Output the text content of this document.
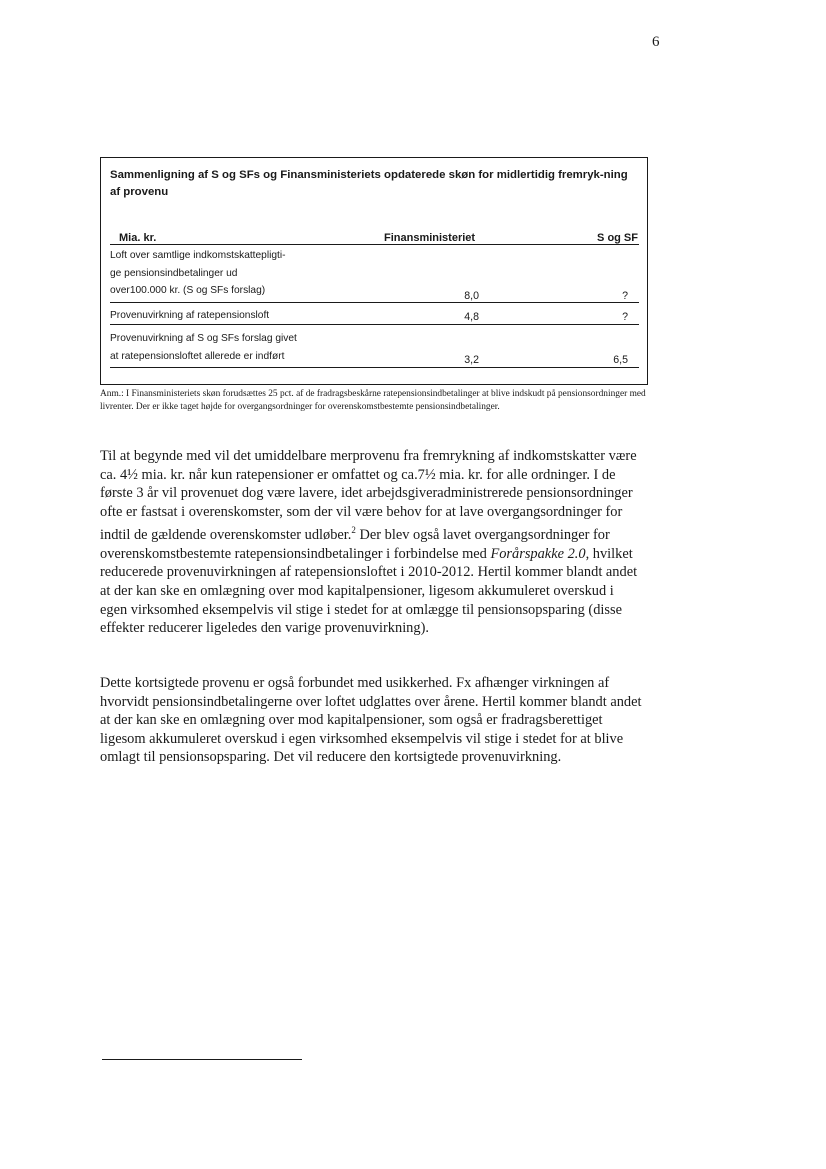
6
Sammenligning af S og SFs og Finansministeriets opdaterede skøn for midlertidig fremryk-ning af provenu
Mia. kr.	Finansministeriet	S og SF
Loft over samtlige indkomstskattepligti-
ge pensionsindbetalinger ud
over100.000 kr. (S og SFs forslag)	8,0	?
Provenuvirkning af ratepensionsloft	4,8	?
Provenuvirkning af S og SFs forslag givet
at ratepensionsloftet allerede er indført	3,2	6,5
Anm.: I Finansministeriets skøn forudsættes 25 pct. af de fradragsbeskårne ratepensionsindbetalinger at blive indskudt på pensionsordninger med livrenter. Der er ikke taget højde for overgangsordninger for overenskomstbestemte pensionsindbetalinger.
Til at begynde med vil det umiddelbare merprovenu fra fremrykning af indkomstskatter være ca. 4½ mia. kr. når kun ratepensioner er omfattet og ca.7½ mia. kr. for alle ordninger. I de første 3 år vil provenuet dog være lavere, idet arbejdsgiveradministrerede pensionsordninger ofte er fastsat i overenskomster, som der vil være behov for at lave overgangsordninger for indtil de gældende overenskomster udløber.$^2$ Der blev også lavet overgangsordninger for overenskomstbestemte ratepensionsindbetalinger i forbindelse med Forårspakke 2.0, hvilket reducerede provenuvirkningen af ratepensionsloftet i 2010-2012. Hertil kommer blandt andet at der kan ske en omlægning over mod kapitalpensioner, ligesom akkumuleret overskud i egen virksomhed eksempelvis vil stige i stedet for at omlægge til pensionsopsparing (disse effekter reducerer ligeledes den varige provenuvirkning).
Dette kortsigtede provenu er også forbundet med usikkerhed. Fx afhænger virkningen af hvorvidt pensionsindbetalingerne over loftet udglattes over årene. Hertil kommer blandt andet at der kan ske en omlægning over mod kapitalpensioner, som også er fradragsberettiget ligesom akkumuleret overskud i egen virksomhed eksempelvis vil stige i stedet for at blive omlagt til pensionsopsparing. Det vil reducere den kortsigtede provenuvirkning.
